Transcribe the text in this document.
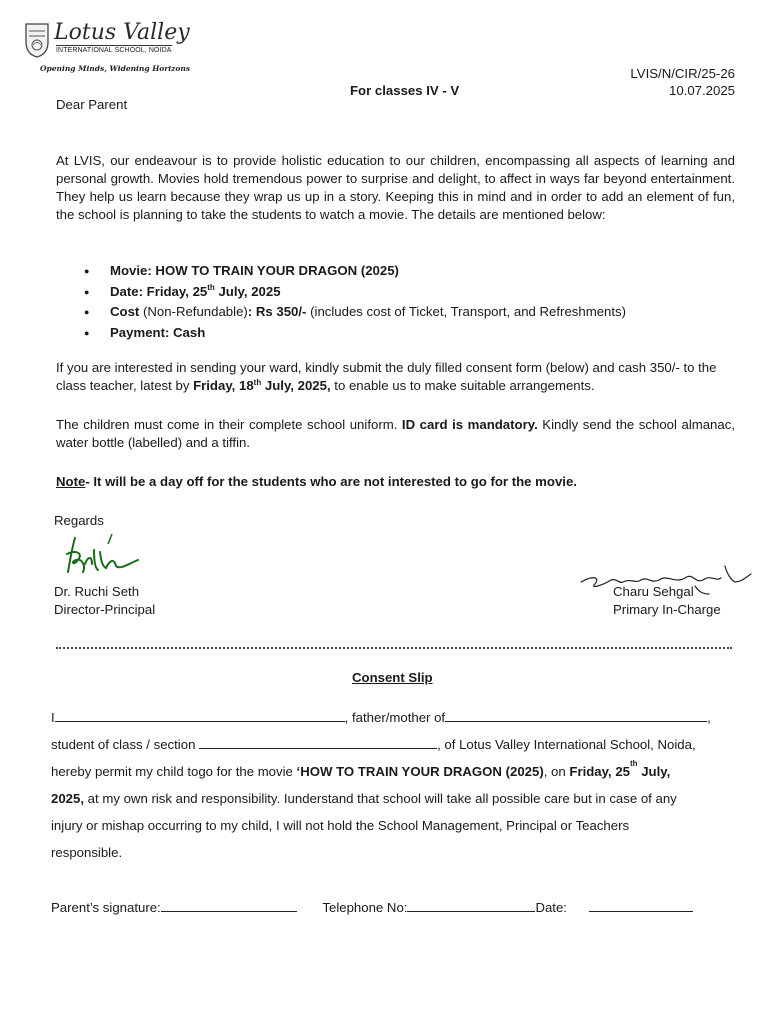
Lotus Valley
INTERNATIONAL SCHOOL, NOIDA
Opening Minds, Widening Horizons	LVIS/N/CIR/25-26
10.07.2025
For classes IV - V
Dear Parent

At LVIS, our endeavour is to provide holistic education to our children, encompassing all aspects of learning and personal growth. Movies hold tremendous power to surprise and delight, to affect in ways far beyond entertainment. They help us learn because they wrap us up in a story. Keeping this in mind and in order to add an element of fun, the school is planning to take the students to watch a movie. The details are mentioned below:

● Movie: HOW TO TRAIN YOUR DRAGON (2025)
● Date: Friday, 25th July, 2025
● Cost (Non-Refundable): Rs 350/- (includes cost of Ticket, Transport, and Refreshments)
● Payment: Cash

If you are interested in sending your ward, kindly submit the duly filled consent form (below) and cash 350/- to the class teacher, latest by Friday, 18th July, 2025, to enable us to make suitable arrangements.

The children must come in their complete school uniform. ID card is mandatory. Kindly send the school almanac, water bottle (labelled) and a tiffin.

Note- It will be a day off for the students who are not interested to go for the movie.

Regards
Dr. Ruchi Seth
Director-Principal
Charu Sehgal
Primary In-Charge
Consent Slip
I	, father/mother of	,
student of class / section	, of Lotus Valley International School, Noida,
hereby permit my child togo for the movie ‘HOW TO TRAIN YOUR DRAGON (2025), on Friday, 25th July,
2025, at my own risk and responsibility. Iunderstand that school will take all possible care but in case of any
injury or mishap occurring to my child, I will not hold the School Management, Principal or Teachers
responsible.
Parent’s signature:	Telephone No:	Date:
